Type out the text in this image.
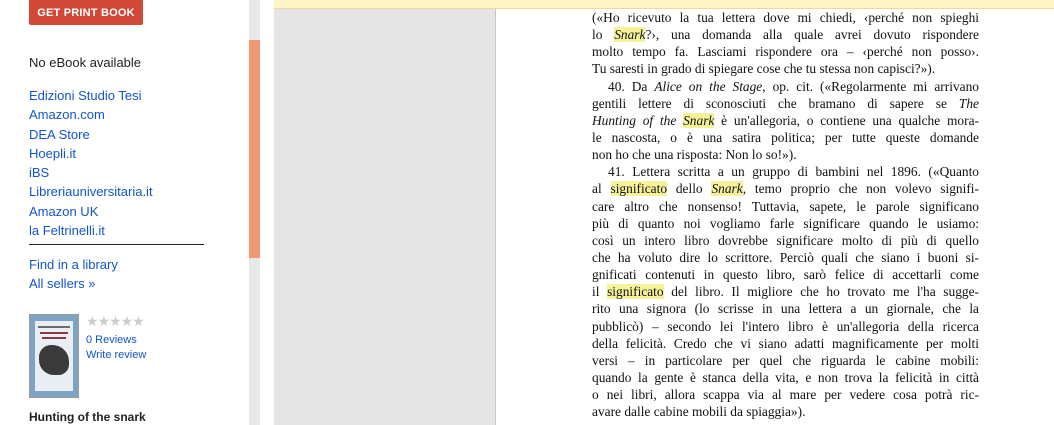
GET PRINT BOOK
No eBook available
Edizioni Studio Tesi
Amazon.com
DEA Store
Hoepli.it
iBS
Libreriauniversitaria.it
Amazon UK
la Feltrinelli.it
Find in a library
All sellers »
★★★★★
0 Reviews
Write review
Hunting of the snark
(«Ho ricevuto la tua lettera dove mi chiedi, ‹perché non spieghi
lo Snark?›, una domanda alla quale avrei dovuto rispondere
molto tempo fa. Lasciami rispondere ora – ‹perché non posso›.
Tu saresti in grado di spiegare cose che tu stessa non capisci?»).
40. Da Alice on the Stage, op. cit. («Regolarmente mi arrivano
gentili lettere di sconosciuti che bramano di sapere se The
Hunting of the Snark è un'allegoria, o contiene una qualche mora-
le nascosta, o è una satira politica; per tutte queste domande
non ho che una risposta: Non lo so!»).
41. Lettera scritta a un gruppo di bambini nel 1896. («Quanto
al significato dello Snark, temo proprio che non volevo signifi-
care altro che nonsenso! Tuttavia, sapete, le parole significano
più di quanto noi vogliamo farle significare quando le usiamo:
così un intero libro dovrebbe significare molto di più di quello
che ha voluto dire lo scrittore. Perciò quali che siano i buoni si-
gnificati contenuti in questo libro, sarò felice di accettarli come
il significato del libro. Il migliore che ho trovato me l'ha sugge-
rito una signora (lo scrisse in una lettera a un giornale, che la
pubblicò) – secondo lei l'intero libro è un'allegoria della ricerca
della felicità. Credo che vi siano adatti magnificamente per molti
versi – in particolare per quel che riguarda le cabine mobili:
quando la gente è stanca della vita, e non trova la felicità in città
o nei libri, allora scappa via al mare per vedere cosa potrà ric-
avare dalle cabine mobili da spiaggia»).
